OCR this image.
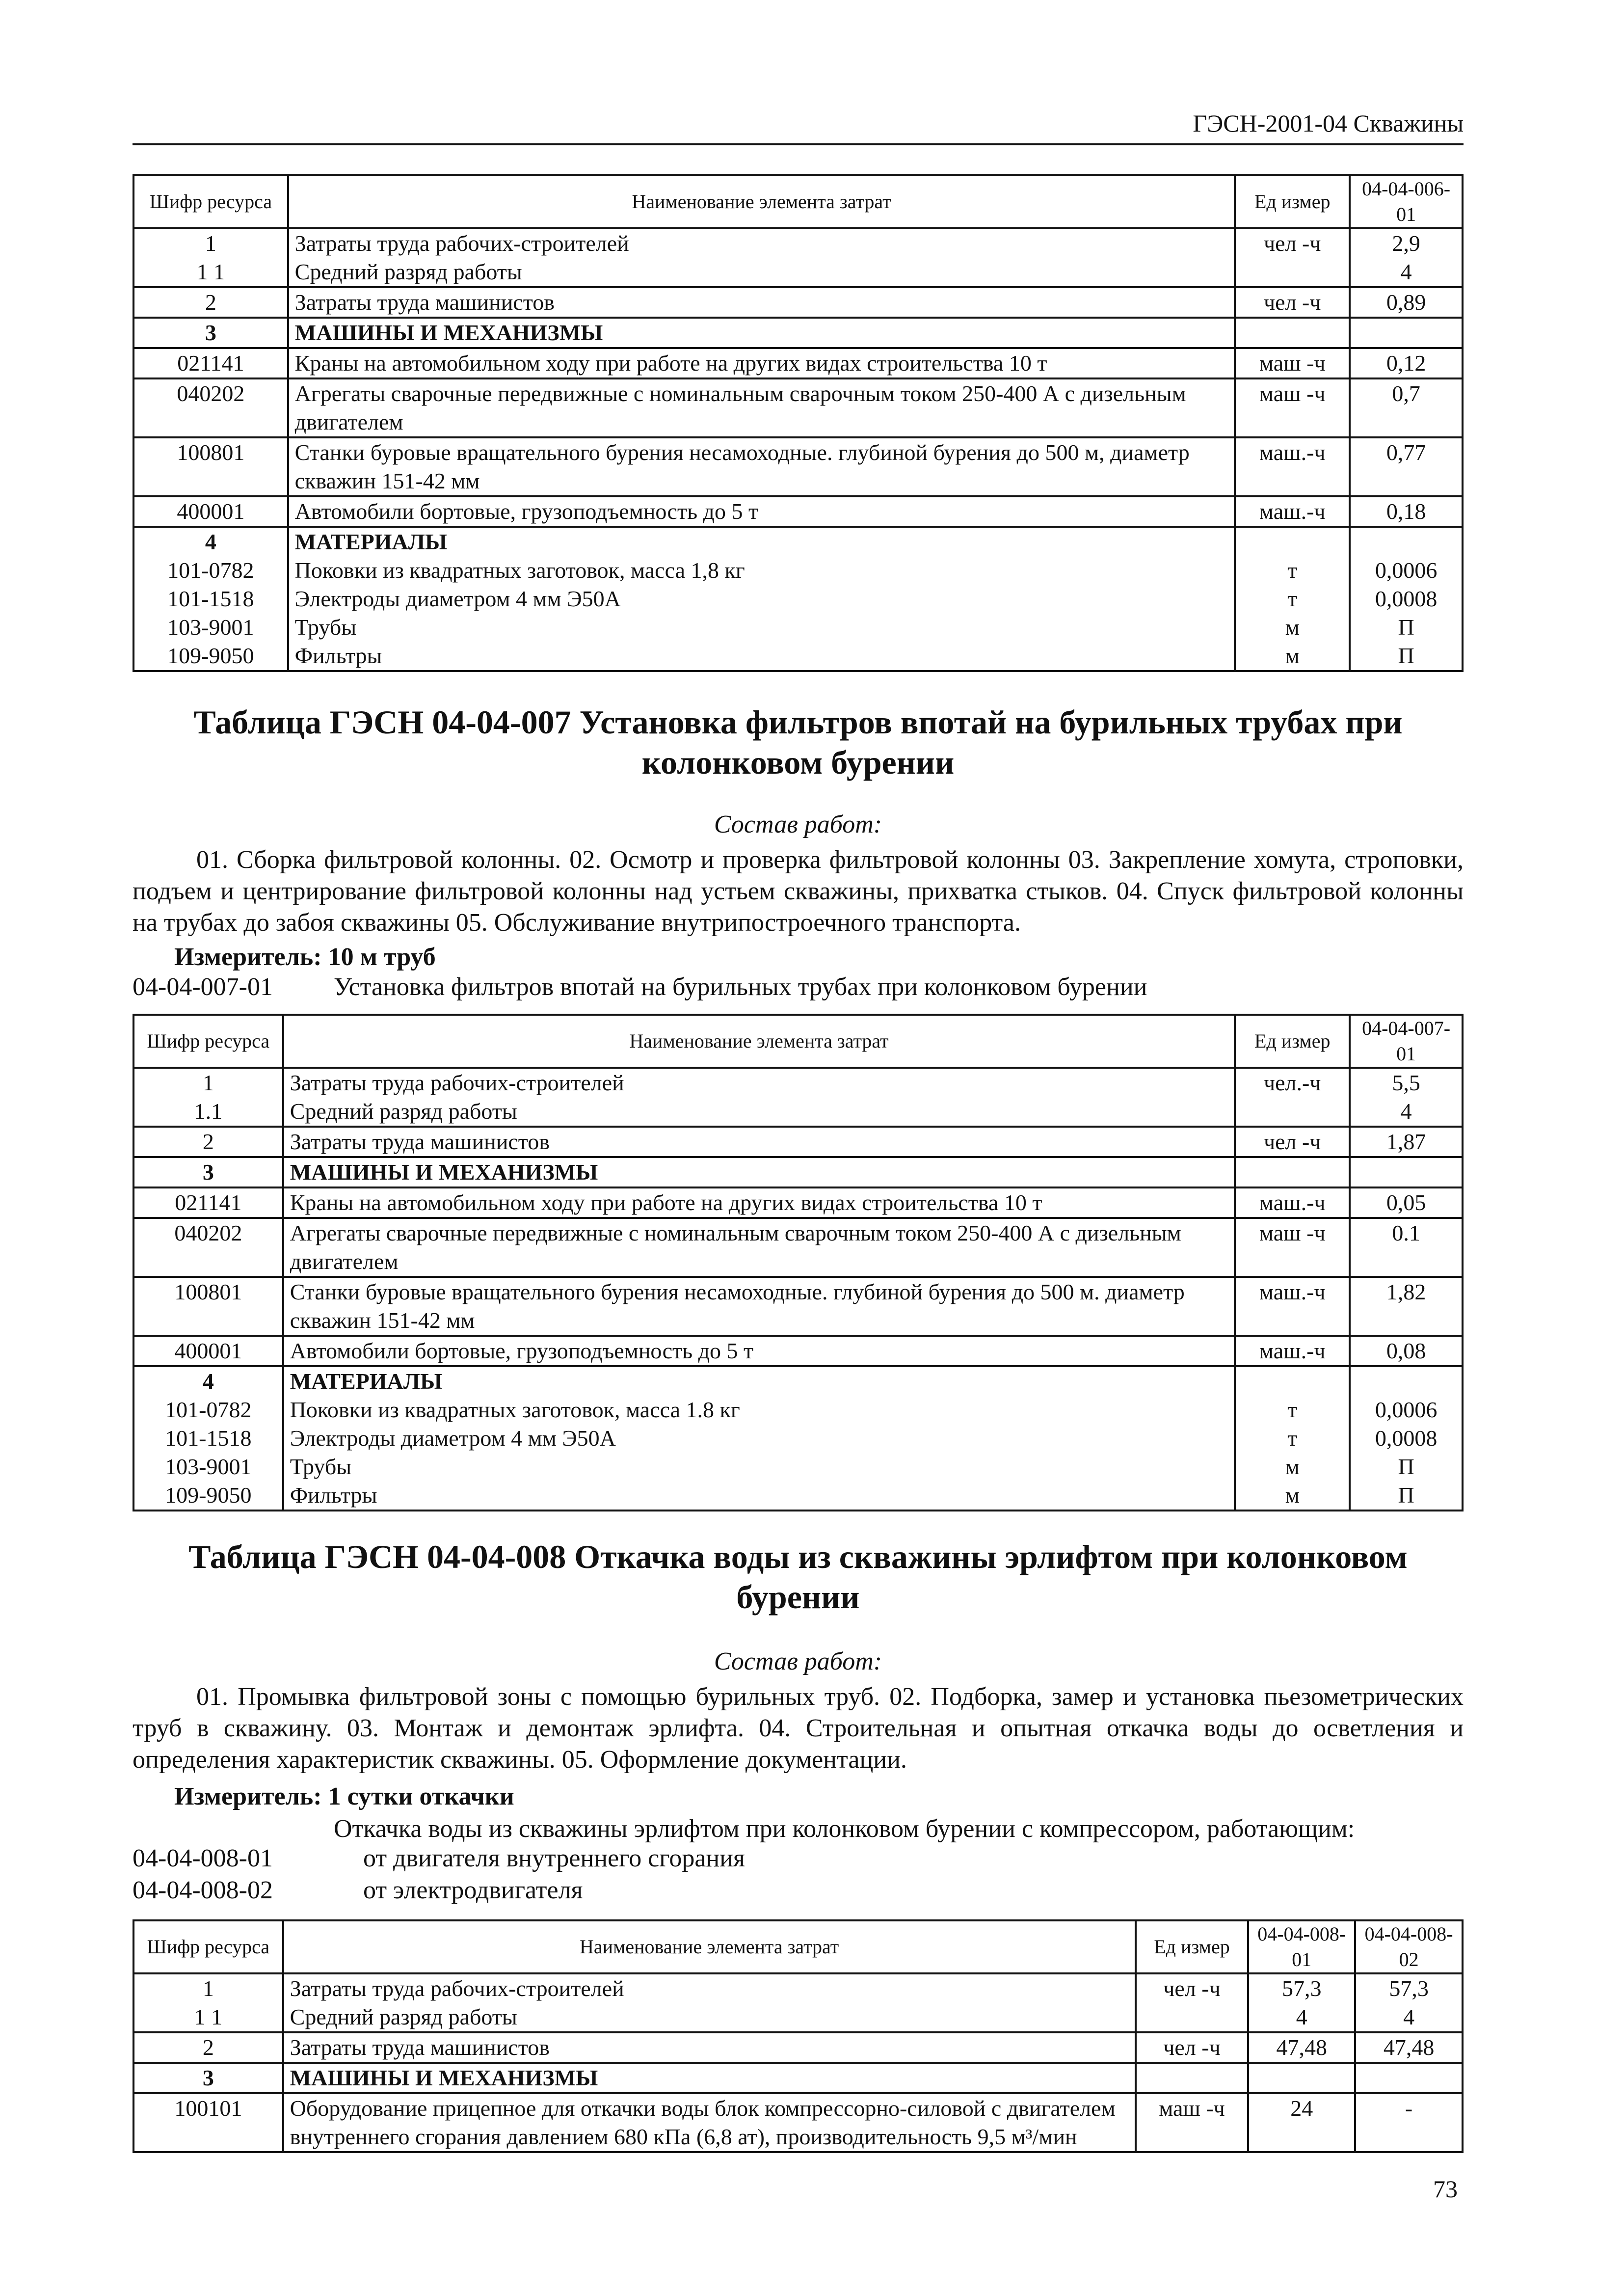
ГЭСН-2001-04 Скважины
Шифр ресурса	Наименование элемента затрат	Ед измер	04-04-006-01
1	Затраты труда рабочих-строителей	чел -ч	2,9
1 1	Средний разряд работы		4
2	Затраты труда машинистов	чел -ч	0,89
3	МАШИНЫ И МЕХАНИЗМЫ		
021141	Краны на автомобильном ходу при работе на других видах строительства 10 т	маш -ч	0,12
040202	Агрегаты сварочные передвижные с номинальным сварочным током 250-400 А с дизельным двигателем	маш -ч	0,7
100801	Станки буровые вращательного бурения несамоходные. глубиной бурения до 500 м, диаметр скважин 151-42 мм	маш.-ч	0,77
400001	Автомобили бортовые, грузоподъемность до 5 т	маш.-ч	0,18
4	МАТЕРИАЛЫ		
101-0782	Поковки из квадратных заготовок, масса 1,8 кг	т	0,0006
101-1518	Электроды диаметром 4 мм Э50А	т	0,0008
103-9001	Трубы	м	П
109-9050	Фильтры	м	П
Таблица ГЭСН 04-04-007 Установка фильтров впотай на бурильных трубах при колонковом бурении
Состав работ:
01. Сборка фильтровой колонны. 02. Осмотр и проверка фильтровой колонны 03. Закрепление хомута, строповки, подъем и центрирование фильтровой колонны над устьем скважины, прихватка стыков. 04. Спуск фильтровой колонны на трубах до забоя скважины 05. Обслуживание внутрипостроечного транспорта.
Измеритель: 10 м труб
04-04-007-01 Установка фильтров впотай на бурильных трубах при колонковом бурении
Шифр ресурса	Наименование элемента затрат	Ед измер	04-04-007-01
1	Затраты труда рабочих-строителей	чел.-ч	5,5
1.1	Средний разряд работы		4
2	Затраты труда машинистов	чел -ч	1,87
3	МАШИНЫ И МЕХАНИЗМЫ		
021141	Краны на автомобильном ходу при работе на других видах строительства 10 т	маш.-ч	0,05
040202	Агрегаты сварочные передвижные с номинальным сварочным током 250-400 А с дизельным двигателем	маш -ч	0.1
100801	Станки буровые вращательного бурения несамоходные. глубиной бурения до 500 м. диаметр скважин 151-42 мм	маш.-ч	1,82
400001	Автомобили бортовые, грузоподъемность до 5 т	маш.-ч	0,08
4	МАТЕРИАЛЫ		
101-0782	Поковки из квадратных заготовок, масса 1.8 кг	т	0,0006
101-1518	Электроды диаметром 4 мм Э50А	т	0,0008
103-9001	Трубы	м	П
109-9050	Фильтры	м	П
Таблица ГЭСН 04-04-008 Откачка воды из скважины эрлифтом при колонковом бурении
Состав работ:
01. Промывка фильтровой зоны с помощью бурильных труб. 02. Подборка, замер и установка пьезометрических труб в скважину. 03. Монтаж и демонтаж эрлифта. 04. Строительная и опытная откачка воды до осветления и определения характеристик скважины. 05. Оформление документации.
Измеритель: 1 сутки откачки
Откачка воды из скважины эрлифтом при колонковом бурении с компрессором, работающим:
04-04-008-01	от двигателя внутреннего сгорания
04-04-008-02	от электродвигателя
Шифр ресурса	Наименование элемента затрат	Ед измер	04-04-008-01	04-04-008-02
1	Затраты труда рабочих-строителей	чел -ч	57,3	57,3
1 1	Средний разряд работы		4	4
2	Затраты труда машинистов	чел -ч	47,48	47,48
3	МАШИНЫ И МЕХАНИЗМЫ			
100101	Оборудование прицепное для откачки воды блок компрессорно-силовой с двигателем внутреннего сгорания давлением 680 кПа (6,8 ат), производительность 9,5 м³/мин	маш -ч	24	-
73
